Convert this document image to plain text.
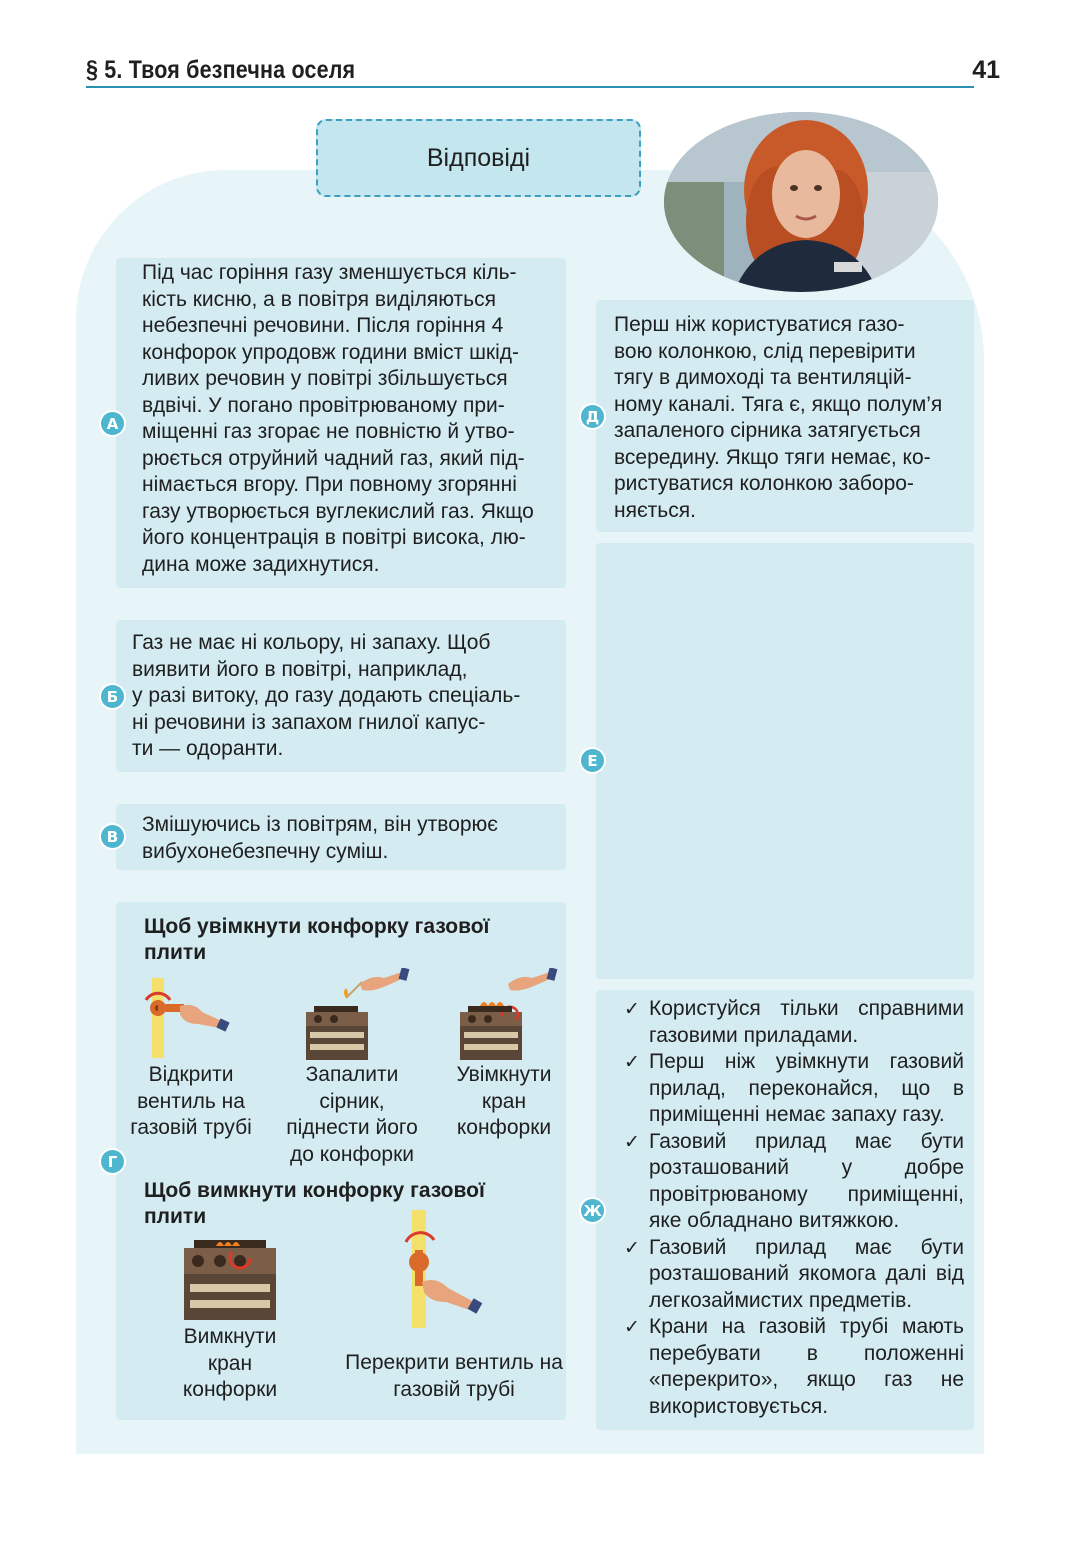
§ 5. Твоя безпечна оселя	41
Відповіді
Під час горіння газу зменшується кіль-
кість кисню, а в повітря виділяються
небезпечні речовини. Після горіння 4
конфорок упродовж години вміст шкід-
ливих речовин у повітрі збільшується
вдвічі. У погано провітрюваному при-
міщенні газ згорає не повністю й утво-
рюється отруйний чадний газ, який під-
німається вгору. При повному згорянні
газу утворюється вуглекислий газ. Якщо
його концентрація в повітрі висока, лю-
дина може задихнутися.
А
Газ не має ні кольору, ні запаху. Щоб
виявити його в повітрі, наприклад,
у разі витоку, до газу додають спеціаль-
ні речовини із запахом гнилої капус-
ти — одоранти.
Б
Змішуючись із повітрям, він утворює
вибухонебезпечну суміш.
В
Щоб увімкнути конфорку газової плити
Відкрити вентиль на газовій трубі
Запалити сірник, піднести його до конфорки
Увімкнути кран конфорки
Щоб вимкнути конфорку газової плити
Вимкнути кран конфорки
Перекрити вентиль на газовій трубі
Г
Перш ніж користуватися газо-
вою колонкою, слід перевірити
тягу в димоході та вентиляцій-
ному каналі. Тяга є, якщо полум’я
запаленого сірника затягується
всередину. Якщо тяги немає, ко-
ристуватися колонкою заборо-
няється.
Д
Е
✓ Користуйся тільки справними газовими приладами.
✓ Перш ніж увімкнути газовий прилад, переконайся, що в приміщенні немає запаху газу.
✓ Газовий прилад має бути розташований у добре провітрюваному приміщенні, яке обладнано витяжкою.
✓ Газовий прилад має бути розташований якомога далі від легкозаймистих предметів.
✓ Крани на газовій трубі мають перебувати в положенні «перекрито», якщо газ не використовується.
Ж
